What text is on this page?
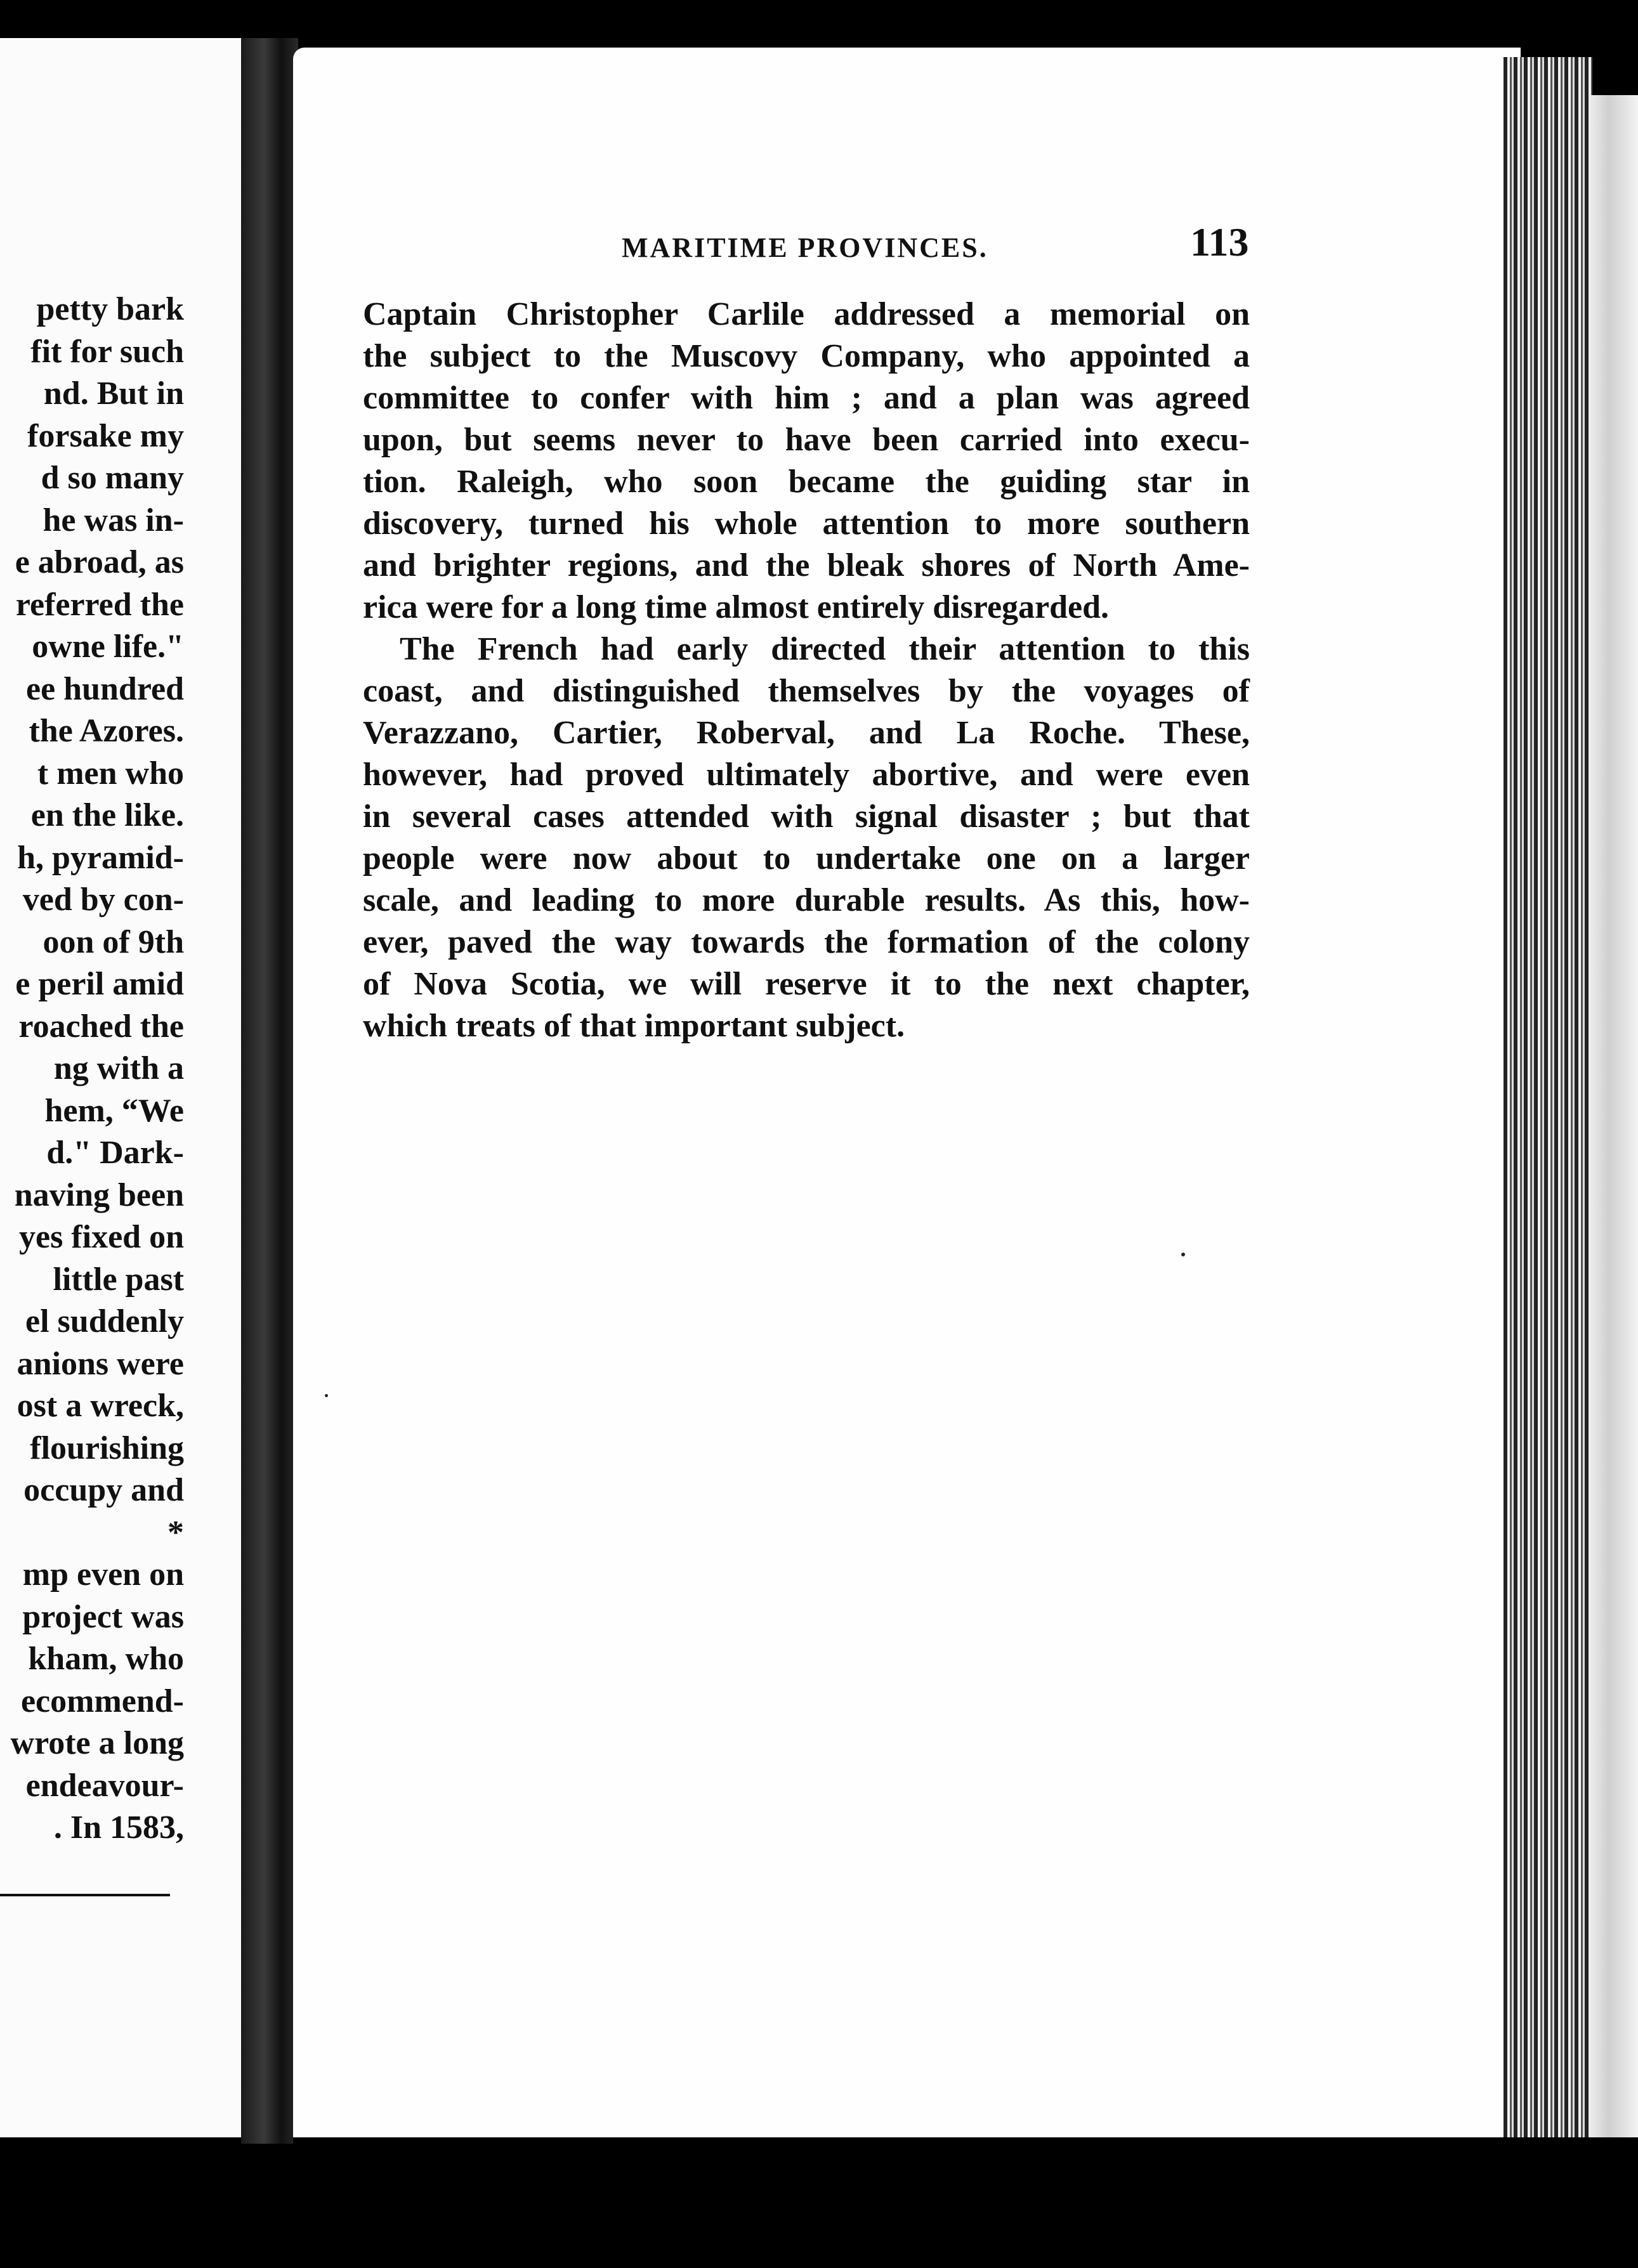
petty bark
fit for such
nd. But in
forsake my
d so many
he was in-
e abroad, as
referred the
owne life."
ee hundred
the Azores.
t men who
en the like.
h, pyramid-
ved by con-
oon of 9th
e peril amid
roached the
ng with a
hem, “We
d." Dark-
naving been
yes fixed on
little past
el suddenly
anions were
ost a wreck,
flourishing
occupy and
*
mp even on
project was
kham, who
ecommend-
wrote a long
endeavour-
. In 1583,
MARITIME PROVINCES.	113
Captain Christopher Carlile addressed a memorial on
the subject to the Muscovy Company, who appointed a
committee to confer with him ; and a plan was agreed
upon, but seems never to have been carried into execu-
tion. Raleigh, who soon became the guiding star in
discovery, turned his whole attention to more southern
and brighter regions, and the bleak shores of North Ame-
rica were for a long time almost entirely disregarded.
The French had early directed their attention to this
coast, and distinguished themselves by the voyages of
Verazzano, Cartier, Roberval, and La Roche. These,
however, had proved ultimately abortive, and were even
in several cases attended with signal disaster ; but that
people were now about to undertake one on a larger
scale, and leading to more durable results. As this, how-
ever, paved the way towards the formation of the colony
of Nova Scotia, we will reserve it to the next chapter,
which treats of that important subject.
